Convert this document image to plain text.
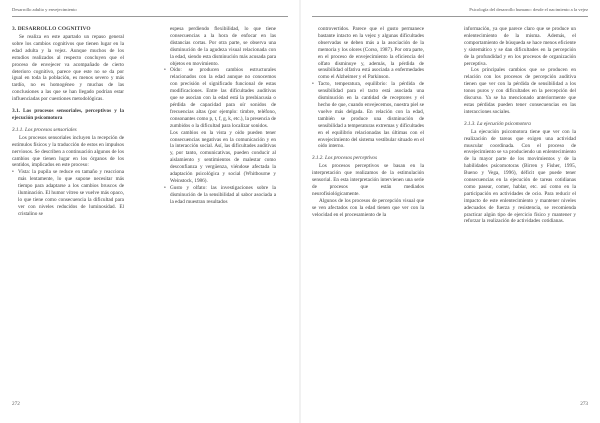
Desarrollo adulto y envejecimiento
3. DESARROLLO COGNITIVO

Se realiza en este apartado un repaso general sobre los cambios cognitivos que tienen lugar en la edad adulta y la vejez. Aunque muchos de los estudios realizados al respecto concluyen que el proceso de envejecer va acompañado de cierto deterioro cognitivo, parece que este no se da por igual en toda la población, es menos severo y más tardío, no es homogéneo y muchas de las conclusiones a las que se han llegado podrían estar influenciadas por cuestiones metodológicas.

3.1. Los procesos sensoriales, perceptivos y la ejecución psicomotora
3.1.1. Los procesos sensoriales

Los procesos sensoriales incluyen la recepción de estímulos físicos y la traducción de estos en impulsos nerviosos. Se describen a continuación algunos de los cambios que tienen lugar en los órganos de los sentidos, implicados en este proceso:

• Vista: la pupila se reduce en tamaño y reacciona más lentamente, lo que supone necesitar más tiempo para adaptarse a los cambios bruscos de iluminación. El humor vítreo se vuelve más opaco, lo que tiene como consecuencia la dificultad para ver con niveles reducidos de luminosidad. El cristalino se

espesa perdiendo flexibilidad, lo que tiene consecuencias a la hora de enfocar en las distancias cortas. Por otra parte, se observa una disminución de la agudeza visual relacionada con la edad, siendo esta disminución más acusada para objetos en movimiento.

• Oído: se producen cambios estructurales relacionados con la edad aunque no conocemos con precisión el significado funcional de estas modificaciones. Entre las dificultades auditivas que se asocian con la edad está la presbiacusia o pérdida de capacidad para oír sonidos de frecuencias altas (por ejemplo: timbre, teléfono, consonantes como p, t, f, g, k, etc.), la presencia de zumbidos o la dificultad para localizar sonidos.
Los cambios en la vista y oído pueden tener consecuencias negativas en la comunicación y en la interacción social. Así, las dificultades auditivas y, por tanto, comunicativas, pueden conducir al aislamiento y sentimientos de malestar como desconfianza y vergüenza, viéndose afectada la adaptación psicológica y social (Whitbourne y Weinstock, 1986).
• Gusto y olfato: las investigaciones sobre la disminución de la sensibilidad al sabor asociada a la edad muestran resultados
272
Psicología del desarrollo humano: desde el nacimiento a la vejez

controvertidos. Parece que el gusto permanece bastante intacto en la vejez y algunas dificultades observadas se deben más a la asociación de la memoria y los olores (Corso, 1987). Por otra parte, en el proceso de envejecimiento la eficiencia del olfato disminuye y, además, la pérdida de sensibilidad olfativa está asociada a enfermedades como el Alzheimer y el Parkinson.

• Tacto, temperatura, equilibrio: la pérdida de sensibilidad para el tacto está asociada una disminución en la cantidad de receptores y el hecho de que, cuando envejecemos, nuestra piel se vuelve más delgada. En relación con la edad, también se produce una disminución de sensibilidad a temperaturas extremas y dificultades en el equilibrio relacionadas las últimas con el envejecimiento del sistema vestibular situado en el oído interno.
3.1.2. Los procesos perceptivos

Los procesos perceptivos se basan en la interpretación que realizamos de la estimulación sensorial. En esta interpretación intervienen una serie de procesos que están mediados neurofisiológicamente.

Algunos de los procesos de percepción visual que se ven afectados con la edad tienen que ver con la velocidad en el procesamiento de la

información, ya que parece claro que se produce un enlentecimiento de la misma. Además, el comportamiento de búsqueda se hace menos eficiente y sistemático y se dan dificultades en la percepción de la profundidad y en los procesos de organización perceptiva.

Los principales cambios que se producen en relación con los procesos de percepción auditiva tienen que ver con la pérdida de sensibilidad a los tonos puros y con dificultades en la percepción del discurso. Ya se ha mencionado anteriormente que estas pérdidas pueden tener consecuencias en las interacciones sociales.

3.1.3. La ejecución psicomotora

La ejecución psicomotora tiene que ver con la realización de tareas que exigen una actividad muscular coordinada. Con el proceso de envejecimiento se va produciendo un enlentecimiento de la mayor parte de los movimientos y de la habilidades psicomotoras (Birren y Fisher, 1995, Bueno y Vega, 1996), déficit que puede tener consecuencias en la ejecución de tareas cotidianas como pasear, comer, hablar, etc. así como en la participación en actividades de ocio. Para reducir el impacto de este enlentecimiento y mantener niveles adecuados de fuerza y resistencia, se recomienda practicar algún tipo de ejercicio físico y mantener y reforzar la realización de actividades cotidianas.

273
